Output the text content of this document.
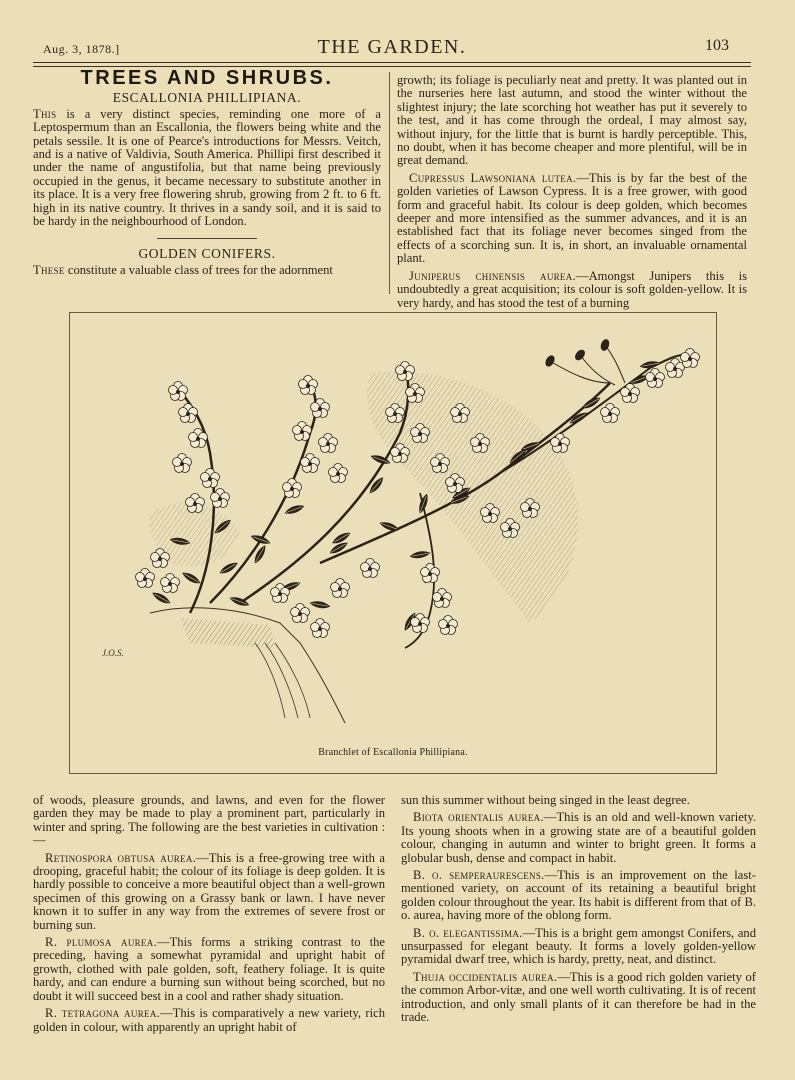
Aug. 3, 1878.]	THE GARDEN.	103
TREES AND SHRUBS.
ESCALLONIA PHILLIPIANA.

This is a very distinct species, reminding one more of a Leptospermum than an Escallonia, the flowers being white and the petals sessile. It is one of Pearce's introductions for Messrs. Veitch, and is a native of Valdivia, South America. Phillipi first described it under the name of angustifolia, but that name being previously occupied in the genus, it became necessary to substitute another in its place. It is a very free flowering shrub, growing from 2 ft. to 6 ft. high in its native country. It thrives in a sandy soil, and it is said to be hardy in the neighbourhood of London.

GOLDEN CONIFERS.

These constitute a valuable class of trees for the adornment

growth; its foliage is peculiarly neat and pretty. It was planted out in the nurseries here last autumn, and stood the winter without the slightest injury; the late scorching hot weather has put it severely to the test, and it has come through the ordeal, I may almost say, without injury, for the little that is burnt is hardly perceptible. This, no doubt, when it has become cheaper and more plentiful, will be in great demand.

Cupressus Lawsoniana lutea.—This is by far the best of the golden varieties of Lawson Cypress. It is a free grower, with good form and graceful habit. Its colour is deep golden, which becomes deeper and more intensified as the summer advances, and it is an established fact that its foliage never becomes singed from the effects of a scorching sun. It is, in short, an invaluable ornamental plant.

Juniperus chinensis aurea.—Amongst Junipers this is undoubtedly a great acquisition; its colour is soft golden-yellow. It is very hardy, and has stood the test of a burning

J.O.S.
Branchlet of Escallonia Phillipiana.

of woods, pleasure grounds, and lawns, and even for the flower garden they may be made to play a prominent part, particularly in winter and spring. The following are the best varieties in cultivation :—

Retinospora obtusa aurea.—This is a free-growing tree with a drooping, graceful habit; the colour of its foliage is deep golden. It is hardly possible to conceive a more beautiful object than a well-grown specimen of this growing on a Grassy bank or lawn. I have never known it to suffer in any way from the extremes of severe frost or burning sun.

R. plumosa aurea.—This forms a striking contrast to the preceding, having a somewhat pyramidal and upright habit of growth, clothed with pale golden, soft, feathery foliage. It is quite hardy, and can endure a burning sun without being scorched, but no doubt it will succeed best in a cool and rather shady situation.

R. tetragona aurea.—This is comparatively a new variety, rich golden in colour, with apparently an upright habit of

sun this summer without being singed in the least degree.

Biota orientalis aurea.—This is an old and well-known variety. Its young shoots when in a growing state are of a beautiful golden colour, changing in autumn and winter to bright green. It forms a globular bush, dense and compact in habit.

B. o. semperaurescens.—This is an improvement on the last-mentioned variety, on account of its retaining a beautiful bright golden colour throughout the year. Its habit is different from that of B. o. aurea, having more of the oblong form.

B. o. elegantissima.—This is a bright gem amongst Conifers, and unsurpassed for elegant beauty. It forms a lovely golden-yellow pyramidal dwarf tree, which is hardy, pretty, neat, and distinct.

Thuja occidentalis aurea.—This is a good rich golden variety of the common Arbor-vitæ, and one well worth cultivating. It is of recent introduction, and only small plants of it can therefore be had in the trade.
